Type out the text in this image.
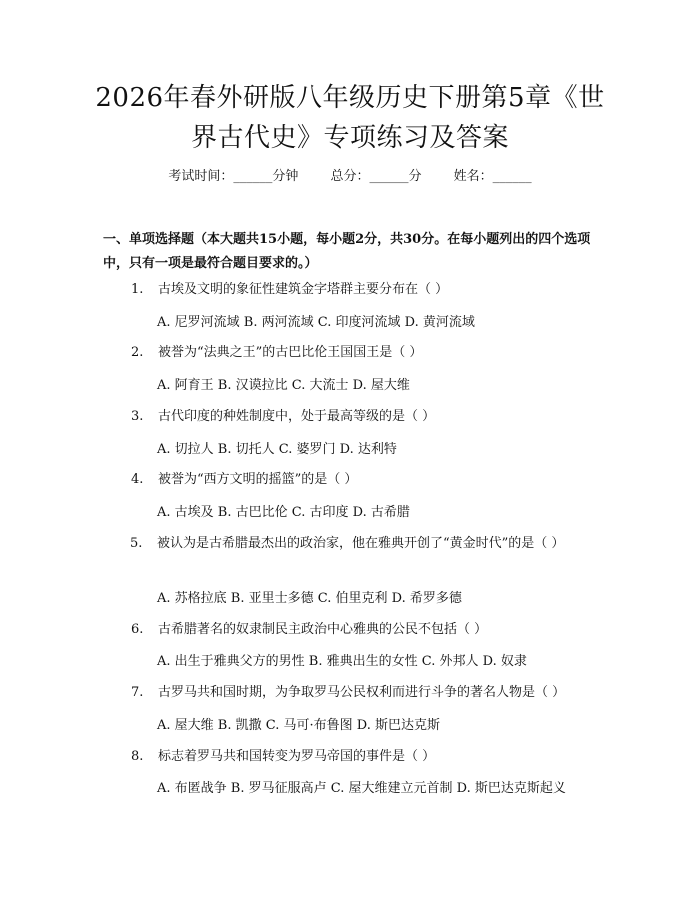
2026年春外研版八年级历史下册第5章《世界古代史》专项练习及答案
考试时间：______分钟 总分：______分 姓名：______
一、单项选择题（本大题共15小题，每小题2分，共30分。在每小题列出的四个选项中，只有一项是最符合题目要求的。）
1. 古埃及文明的象征性建筑金字塔群主要分布在（ ）
A. 尼罗河流域 B. 两河流域 C. 印度河流域 D. 黄河流域
2. 被誉为“法典之王”的古巴比伦王国国王是（ ）
A. 阿育王 B. 汉谟拉比 C. 大流士 D. 屋大维
3. 古代印度的种姓制度中，处于最高等级的是（ ）
A. 切拉人 B. 切托人 C. 婆罗门 D. 达利特
4. 被誉为“西方文明的摇篮”的是（ ）
A. 古埃及 B. 古巴比伦 C. 古印度 D. 古希腊
5. 被认为是古希腊最杰出的政治家，他在雅典开创了“黄金时代”的是（ ）
A. 苏格拉底 B. 亚里士多德 C. 伯里克利 D. 希罗多德
6. 古希腊著名的奴隶制民主政治中心雅典的公民不包括（ ）
A. 出生于雅典父方的男性 B. 雅典出生的女性 C. 外邦人 D. 奴隶
7. 古罗马共和国时期，为争取罗马公民权利而进行斗争的著名人物是（ ）
A. 屋大维 B. 凯撒 C. 马可·布鲁图 D. 斯巴达克斯
8. 标志着罗马共和国转变为罗马帝国的事件是（ ）
A. 布匿战争 B. 罗马征服高卢 C. 屋大维建立元首制 D. 斯巴达克斯起义
